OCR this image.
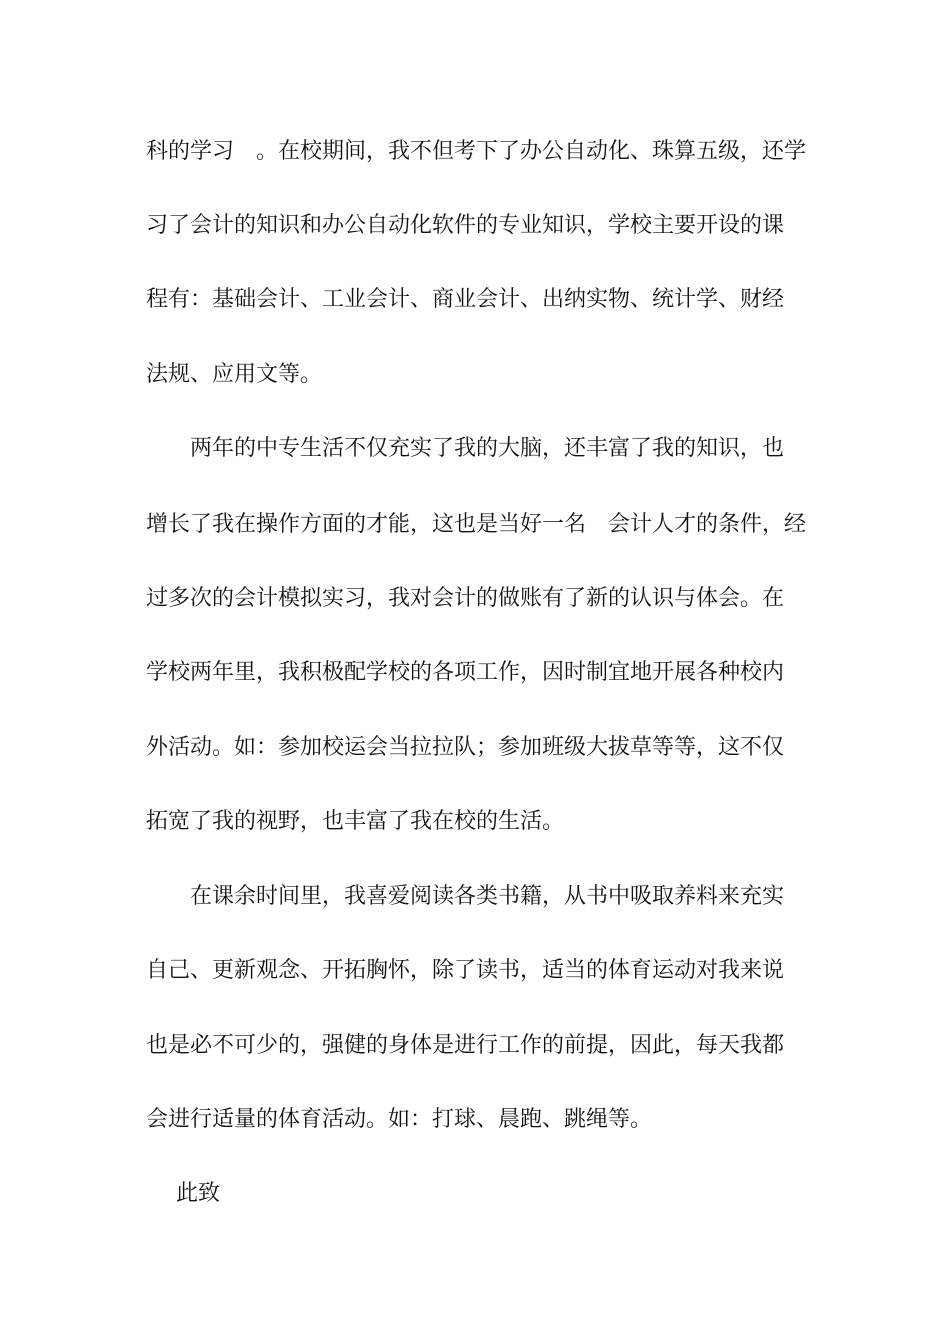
科的学习　。在校期间，我不但考下了办公自动化、珠算五级，还学
习了会计的知识和办公自动化软件的专业知识，学校主要开设的课
程有：基础会计、工业会计、商业会计、出纳实物、统计学、财经
法规、应用文等。
两年的中专生活不仅充实了我的大脑，还丰富了我的知识，也
增长了我在操作方面的才能，这也是当好一名　会计人才的条件，经
过多次的会计模拟实习，我对会计的做账有了新的认识与体会。在
学校两年里，我积极配学校的各项工作，因时制宜地开展各种校内
外活动。如：参加校运会当拉拉队；参加班级大拔草等等，这不仅
拓宽了我的视野，也丰富了我在校的生活。
在课余时间里，我喜爱阅读各类书籍，从书中吸取养料来充实
自己、更新观念、开拓胸怀，除了读书，适当的体育运动对我来说
也是必不可少的，强健的身体是进行工作的前提，因此，每天我都
会进行适量的体育活动。如：打球、晨跑、跳绳等。
此致
